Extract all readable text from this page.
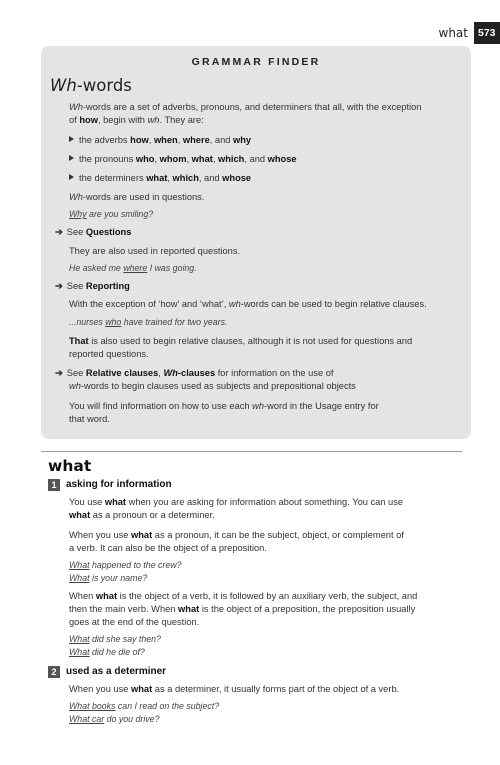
what 573
GRAMMAR FINDER
Wh-words
Wh-words are a set of adverbs, pronouns, and determiners that all, with the exception
of how, begin with wh. They are:
the adverbs how, when, where, and why
the pronouns who, whom, what, which, and whose
the determiners what, which, and whose
Wh-words are used in questions.
Why are you smiling?
➔ See Questions
They are also used in reported questions.
He asked me where I was going.
➔ See Reporting
With the exception of ‘how’ and ‘what’, wh-words can be used to begin relative clauses.
...nurses who have trained for two years.
That is also used to begin relative clauses, although it is not used for questions and
reported questions.
➔ See Relative clauses, Wh-clauses for information on the use of
wh-words to begin clauses used as subjects and prepositional objects
You will find information on how to use each wh-word in the Usage entry for
that word.
what
1 asking for information
You use what when you are asking for information about something. You can use
what as a pronoun or a determiner.
When you use what as a pronoun, it can be the subject, object, or complement of
a verb. It can also be the object of a preposition.
What happened to the crew?
What is your name?
When what is the object of a verb, it is followed by an auxiliary verb, the subject, and
then the main verb. When what is the object of a preposition, the preposition usually
goes at the end of the question.
What did she say then?
What did he die of?
2 used as a determiner
When you use what as a determiner, it usually forms part of the object of a verb.
What books can I read on the subject?
What car do you drive?
